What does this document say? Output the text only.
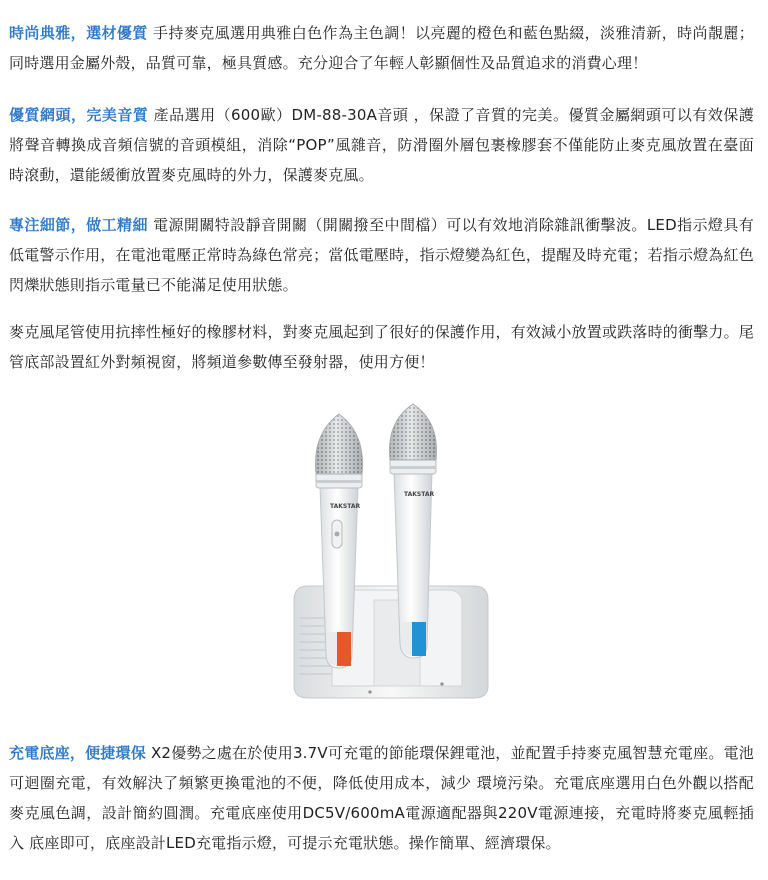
時尚典雅，選材優質 手持麥克風選用典雅白色作為主色調！以亮麗的橙色和藍色點綴，淡雅清新，時尚靚麗；同時選用金屬外殼，品質可靠，極具質感。充分迎合了年輕人彰顯個性及品質追求的消費心理！

優質網頭，完美音質 產品選用（600歐）DM-88-30A音頭 ，保證了音質的完美。優質金屬網頭可以有效保護將聲音轉換成音頻信號的音頭模組，消除“POP”風雜音，防滑圈外層包裹橡膠套不僅能防止麥克風放置在臺面時滾動，還能緩衝放置麥克風時的外力，保護麥克風。

專注細節，做工精細 電源開關特設靜音開關（開關撥至中間檔）可以有效地消除雜訊衝擊波。LED指示燈具有低電警示作用，在電池電壓正常時為綠色常亮；當低電壓時，指示燈變為紅色，提醒及時充電；若指示燈為紅色閃爍狀態則指示電量已不能滿足使用狀態。

麥克風尾管使用抗摔性極好的橡膠材料，對麥克風起到了很好的保護作用，有效減小放置或跌落時的衝擊力。尾管底部設置紅外對頻視窗，將頻道參數傳至發射器，使用方便！

TAKSTAR
TAKSTAR

充電底座，便捷環保 X2優勢之處在於使用3.7V可充電的節能環保鋰電池，並配置手持麥克風智慧充電座。電池可迴圈充電，有效解決了頻繁更換電池的不便，降低使用成本，減少 環境污染。充電底座選用白色外觀以搭配麥克風色調，設計簡約圓潤。充電底座使用DC5V/600mA電源適配器與220V電源連接，充電時將麥克風輕插入 底座即可，底座設計LED充電指示燈，可提示充電狀態。操作簡單、經濟環保。
